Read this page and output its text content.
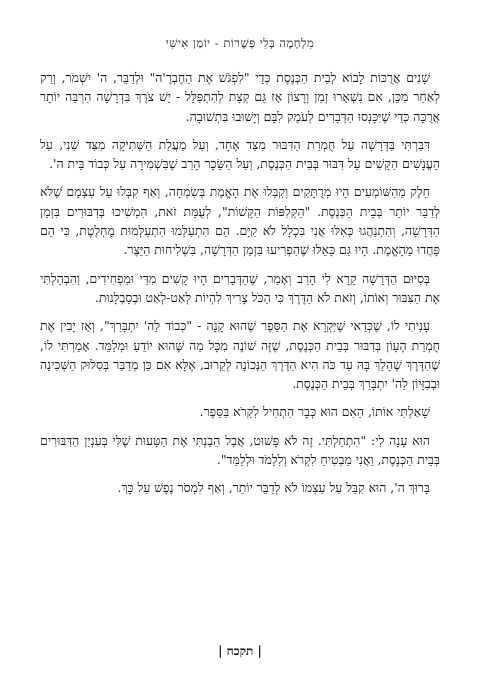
מִלְחָמָה בְּלִי פְּשָׁרוֹת - יוֹמַן אִישִׁי

שָׁנִים אֲרֻכּוֹת לָבוֹא לְבֵית הַכְּנֶסֶת כְּדֵי "לִפְגֹּשׁ אֶת הַחֶבְרֶ'ה" וּלְדַבֵּר, ה' יִשְׁמֹר, וְרַק לְאַחַר מִכֵּן, אִם נִשְׁאָרוּ זְמַן וְרָצוֹן אָז גַּם קְצָת לְהִתְפַּלֵּל - יֵשׁ צֹרֶךְ בִּדְרָשָׁה הַרְבֵּה יוֹתֵר אֲרֻכָּה כְּדֵי שֶׁיִּכָּנְסוּ הַדְּבָרִים לְעֹמֶק לִבָּם וְיָשׁוּבוּ בִּתְשׁוּבָה.

דִּבַּרְתִּי בַּדְּרָשָׁה עַל חֻמְרַת הַדִּבּוּר מִצַּד אֶחָד, וְעַל מַעֲלַת הַשְּׁתִיקָה מִצַּד שֵׁנִי, עַל הָעֳנָשִׁים הַקָּשִׁים עַל דִּבּוּר בְּבֵית הַכְּנֶסֶת, וְעַל הַשָּׂכָר הָרַב שֶׁבִּשְׁמִירָה עַל כְּבוֹד בֵּית ה'.

חֵלֶק מֵהַשּׁוֹמְעִים הָיוּ מְרֻתָּקִים וְקִבְּלוּ אֶת הָאֱמֶת בְּשִׂמְחָה, וְאַף קִבְּלוּ עַל עַצְמָם שֶׁלֹּא לְדַבֵּר יוֹתֵר בְּבֵית הַכְּנֶסֶת. "הַקְּלִפּוֹת הַקָּשׁוֹת", לְעֻמַּת זֹאת, הִמְשִׁיכוּ בְּדִבּוּרִים בִּזְמַן הַדְּרָשָׁה, וְהִתְנַהֲגוּ כְּאִלּוּ אֲנִי בִּכְלָל לֹא קַיָּם. הֵם הִתְעַלְּמוּ הִתְעַלְּמוּת מֻחְלֶטֶת, כִּי הֵם פָּחֲדוּ מֵהָאֱמֶת. הָיוּ גַּם כָּאֵלּוּ שֶׁהִפְרִיעוּ בִּזְמַן הַדְּרָשָׁה, בִּשְׁלִיחוּת הַיֵּצֶר.

בְּסִיּוּם הַדְּרָשָׁה קָרָא לִי הָרַב וְאָמַר, שֶׁהַדְּבָרִים הָיוּ קָשִׁים מִדַּי וּמַפְחִידִים, וְהִבְהַלְתִּי אֶת הַצִּבּוּר וְאוֹתוֹ, וְזֹאת לֹא הַדֶּרֶךְ כִּי הַכֹּל צָרִיךְ לִהְיוֹת לְאַט-לְאַט וּבְסַבְלָנוּת.

עָנִיתִי לוֹ, שֶׁכְּדַאי שֶׁיִּקְרָא אֶת הַסֵּפֶר שֶׁהוּא קָנָה - "כְּבוֹד לַה' יִתְבָּרַךְ", וְאָז יָבִין אֶת חֻמְרַת הֶעָוֹן בְּדִבּוּר בְּבֵית הַכְּנֶסֶת, שֶׁזֶּה שׁוֹנֶה מִכָּל מַה שֶּׁהוּא יוֹדֵעַ וּמְלַמֵּד. אָמַרְתִּי לוֹ, שֶׁהַדֶּרֶךְ שֶׁהָלַךְ בָּהּ עַד כֹּה הִיא הַדֶּרֶךְ הַנְּכוֹנָה לְקֵרוּב, אֶלָּא אִם כֵּן מְדַבֵּר בְּסִלּוּק הַשְּׁכִינָה וּבְבִזָּיוֹן לַה' יִתְבָּרַךְ בְּבֵית הַכְּנֶסֶת.

שָׁאַלְתִּי אוֹתוֹ, הַאִם הוּא כְּבָר הִתְחִיל לִקְרֹא בַּסֵּפֶר.

הוּא עָנָה לִי: "הִתְחַלְתִּי. זֶה לֹא פָּשׁוּט, אֲבָל הֵבַנְתִּי אֶת הַטָּעוּת שֶׁלִּי בְּעִנְיַן הַדִּבּוּרִים בְּבֵית הַכְּנֶסֶת, וַאֲנִי מַבְטִיחַ לִקְרֹא וְלִלְמֹד וּלְלַמֵּד".

בָּרוּךְ ה', הוּא קִבֵּל עַל עַצְמוֹ לֹא לְדַבֵּר יוֹתֵר, וְאַף לִמְסֹר נֶפֶשׁ עַל כָּךְ.

| תקכח |
